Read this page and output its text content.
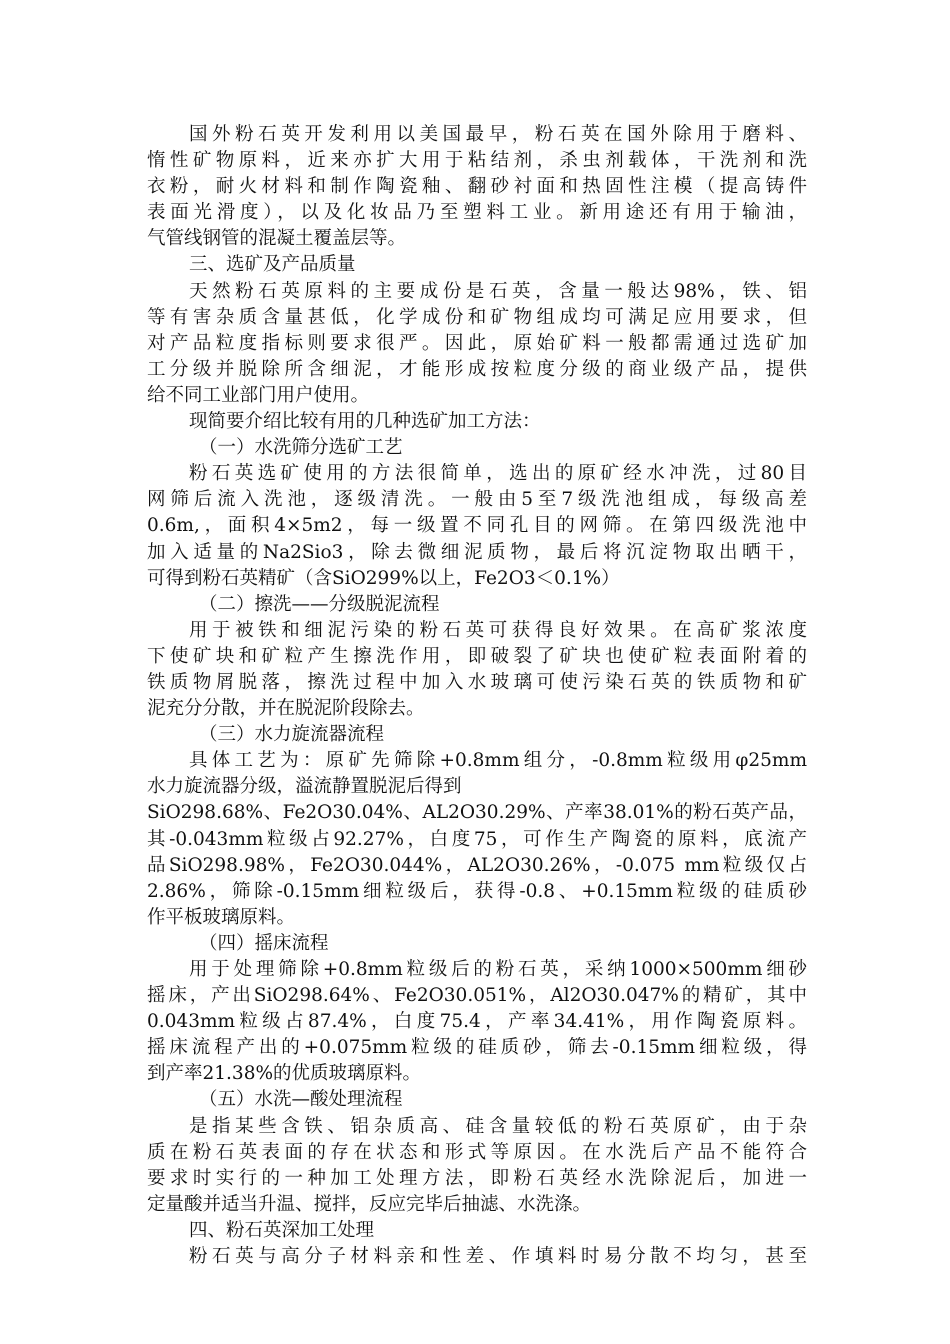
国外粉石英开发利用以美国最早，粉石英在国外除用于磨料、
惰性矿物原料，近来亦扩大用于粘结剂，杀虫剂载体，干洗剂和洗
衣粉，耐火材料和制作陶瓷釉、翻砂衬面和热固性注模（提高铸件
表面光滑度），以及化妆品乃至塑料工业。新用途还有用于输油，
气管线钢管的混凝土覆盖层等。
三、选矿及产品质量
天然粉石英原料的主要成份是石英，含量一般达98%，铁、铝
等有害杂质含量甚低，化学成份和矿物组成均可满足应用要求，但
对产品粒度指标则要求很严。因此，原始矿料一般都需通过选矿加
工分级并脱除所含细泥，才能形成按粒度分级的商业级产品，提供
给不同工业部门用户使用。
现简要介绍比较有用的几种选矿加工方法：
（一）水洗筛分选矿工艺
粉石英选矿使用的方法很简单，选出的原矿经水冲洗，过80目
网筛后流入洗池，逐级清洗。一般由5至7级洗池组成，每级高差
0.6m,，面积4×5m2，每一级置不同孔目的网筛。在第四级洗池中
加入适量的Na2Sio3，除去微细泥质物，最后将沉淀物取出晒干，
可得到粉石英精矿（含SiO299%以上，Fe2O3＜0.1%）
（二）擦洗——分级脱泥流程
用于被铁和细泥污染的粉石英可获得良好效果。在高矿浆浓度
下使矿块和矿粒产生擦洗作用，即破裂了矿块也使矿粒表面附着的
铁质物屑脱落，擦洗过程中加入水玻璃可使污染石英的铁质物和矿
泥充分分散，并在脱泥阶段除去。
（三）水力旋流器流程
具体工艺为：原矿先筛除+0.8mm组分，-0.8mm粒级用φ25mm
水力旋流器分级，溢流静置脱泥后得到
SiO298.68%、Fe2O30.04%、AL2O30.29%、产率38.01%的粉石英产品，
其-0.043mm粒级占92.27%，白度75，可作生产陶瓷的原料，底流产
品SiO298.98%，Fe2O30.044%，AL2O30.26%，-0.075 mm粒级仅占
2.86%，筛除-0.15mm细粒级后，获得-0.8、+0.15mm粒级的硅质砂
作平板玻璃原料。
（四）摇床流程
用于处理筛除+0.8mm粒级后的粉石英，采纳1000×500mm细砂
摇床，产出SiO298.64%、Fe2O30.051%，Al2O30.047%的精矿，其中
0.043mm粒级占87.4%，白度75.4，产率34.41%，用作陶瓷原料。
摇床流程产出的+0.075mm粒级的硅质砂，筛去-0.15mm细粒级，得
到产率21.38%的优质玻璃原料。
（五）水洗—酸处理流程
是指某些含铁、铝杂质高、硅含量较低的粉石英原矿，由于杂
质在粉石英表面的存在状态和形式等原因。在水洗后产品不能符合
要求时实行的一种加工处理方法，即粉石英经水洗除泥后，加进一
定量酸并适当升温、搅拌，反应完毕后抽滤、水洗涤。
四、粉石英深加工处理
粉石英与高分子材料亲和性差、作填料时易分散不均匀，甚至
